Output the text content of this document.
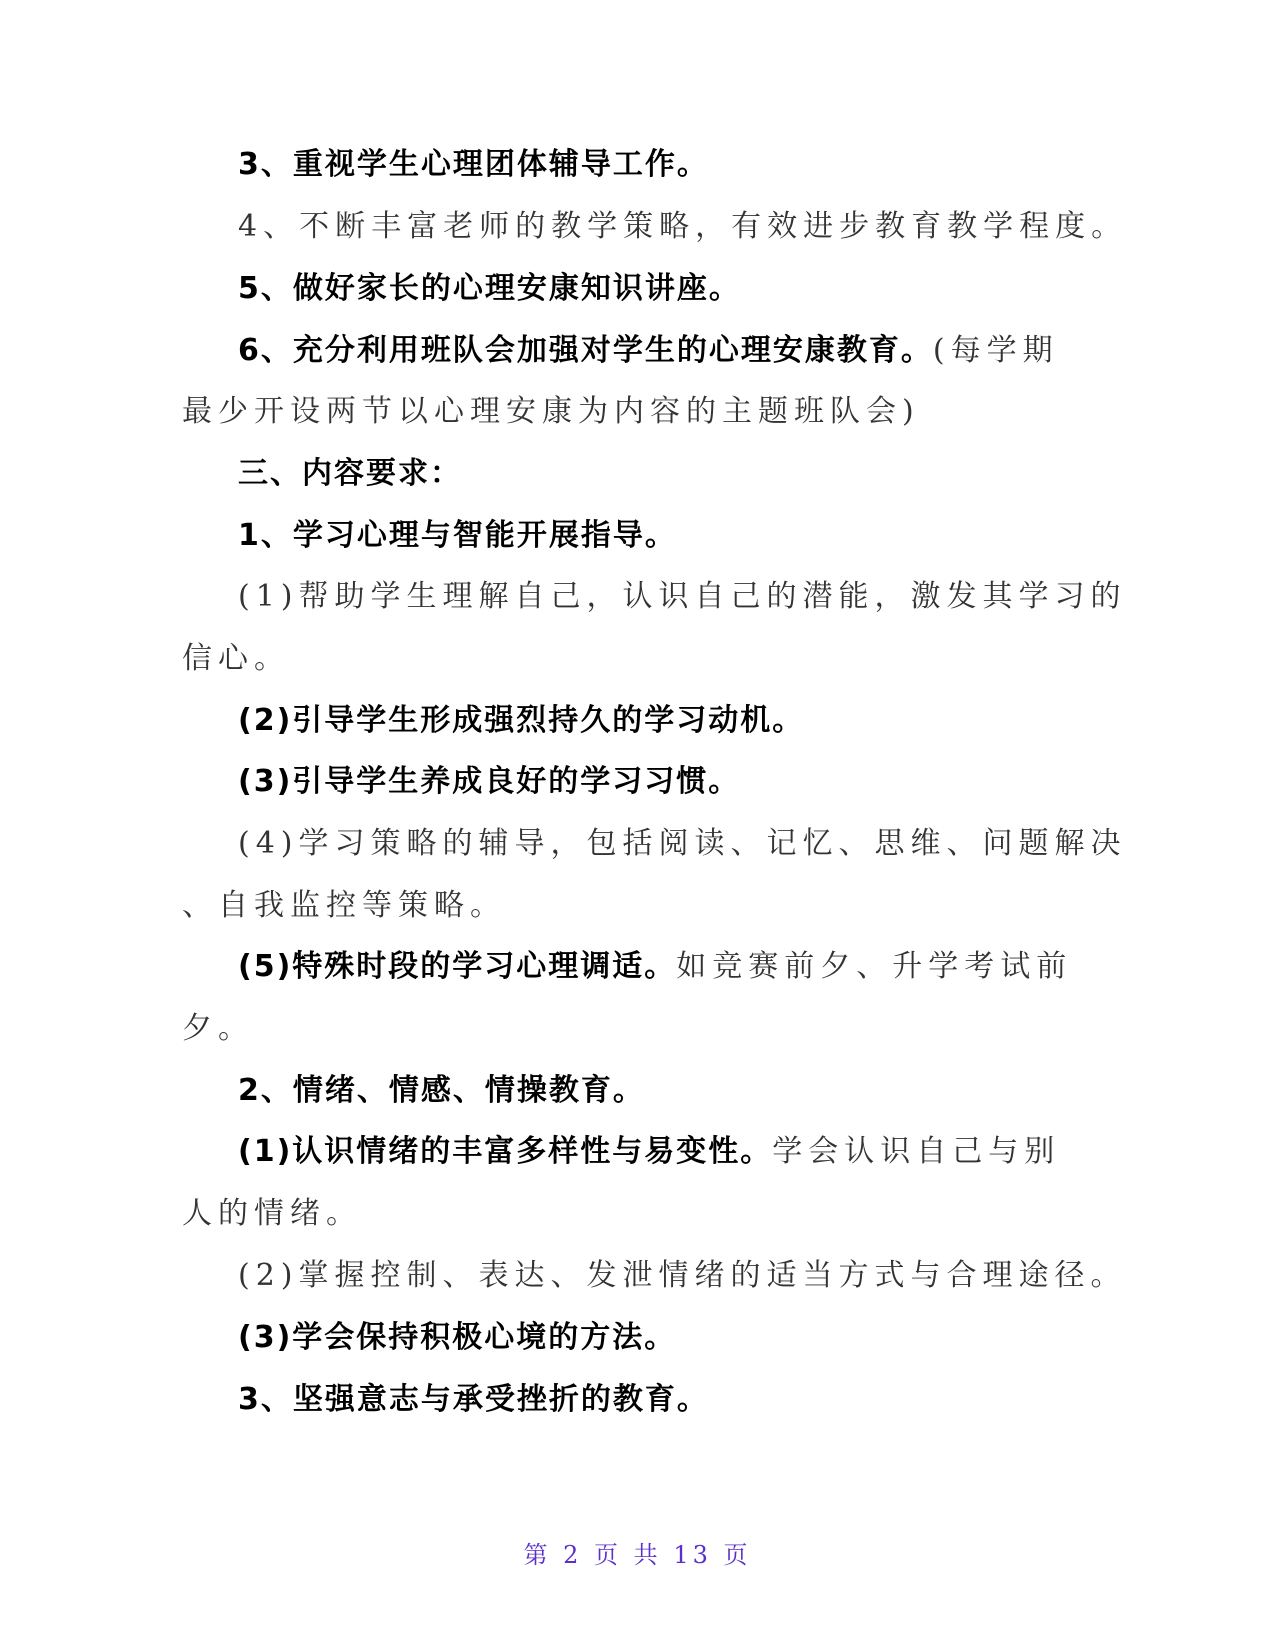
3、重视学生心理团体辅导工作。
4、不断丰富老师的教学策略，有效进步教育教学程度。
5、做好家长的心理安康知识讲座。
6、充分利用班队会加强对学生的心理安康教育。(每学期
最少开设两节以心理安康为内容的主题班队会)
三、内容要求：
1、学习心理与智能开展指导。
(1)帮助学生理解自己，认识自己的潜能，激发其学习的
信心。
(2)引导学生形成强烈持久的学习动机。
(3)引导学生养成良好的学习习惯。
(4)学习策略的辅导，包括阅读、记忆、思维、问题解决
、自我监控等策略。
(5)特殊时段的学习心理调适。如竞赛前夕、升学考试前
夕。
2、情绪、情感、情操教育。
(1)认识情绪的丰富多样性与易变性。学会认识自己与别
人的情绪。
(2)掌握控制、表达、发泄情绪的适当方式与合理途径。
(3)学会保持积极心境的方法。
3、坚强意志与承受挫折的教育。
第 2 页 共 13 页
